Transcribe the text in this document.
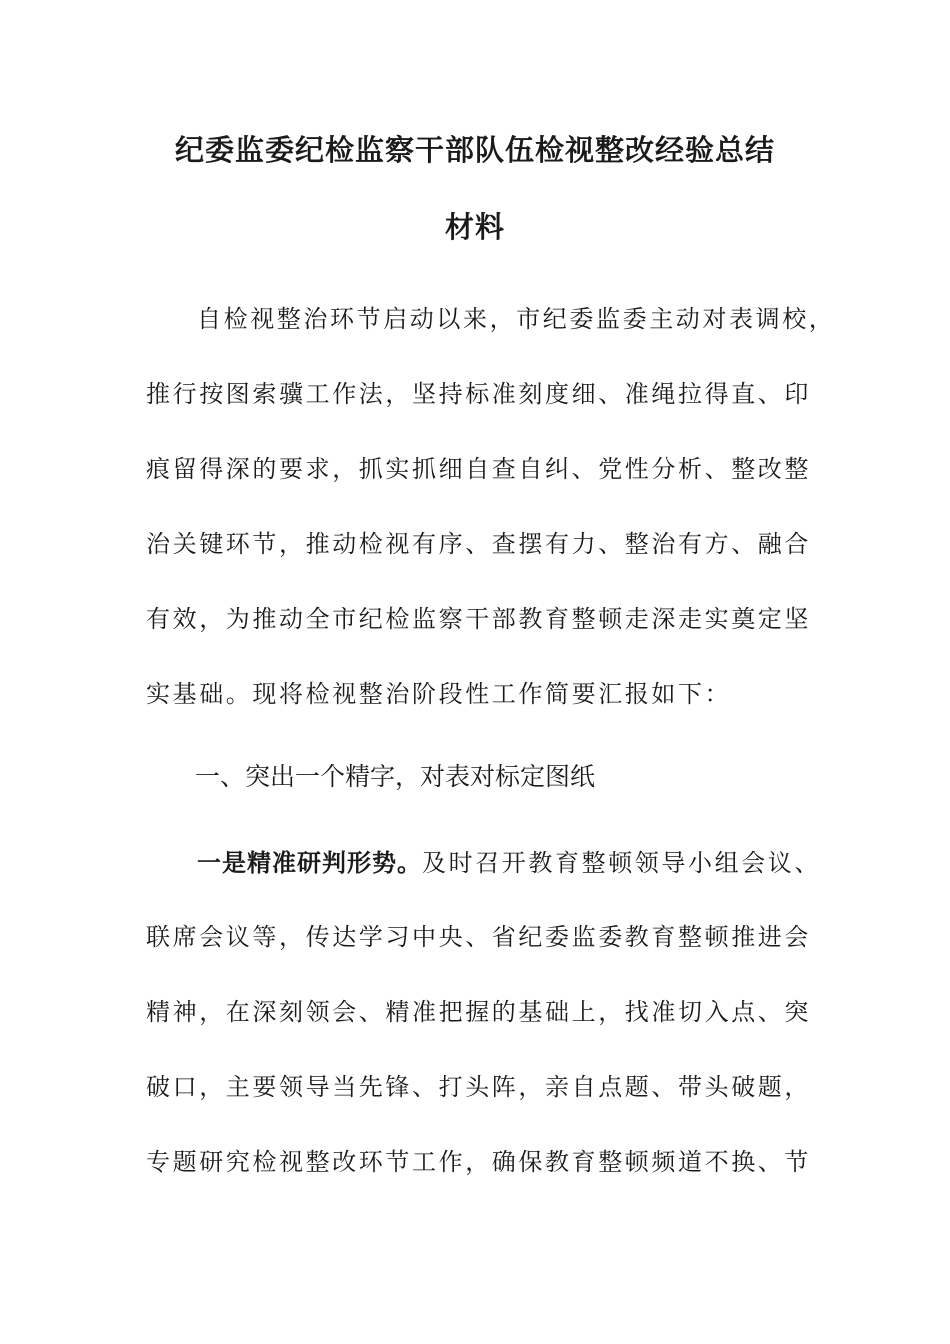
纪委监委纪检监察干部队伍检视整改经验总结
材料
自检视整治环节启动以来，市纪委监委主动对表调校，
推行按图索骥工作法，坚持标准刻度细、准绳拉得直、印
痕留得深的要求，抓实抓细自查自纠、党性分析、整改整
治关键环节，推动检视有序、查摆有力、整治有方、融合
有效，为推动全市纪检监察干部教育整顿走深走实奠定坚
实基础。现将检视整治阶段性工作简要汇报如下：
一、突出一个精字，对表对标定图纸
一是精准研判形势。及时召开教育整顿领导小组会议、
联席会议等，传达学习中央、省纪委监委教育整顿推进会
精神，在深刻领会、精准把握的基础上，找准切入点、突
破口，主要领导当先锋、打头阵，亲自点题、带头破题，
专题研究检视整改环节工作，确保教育整顿频道不换、节
